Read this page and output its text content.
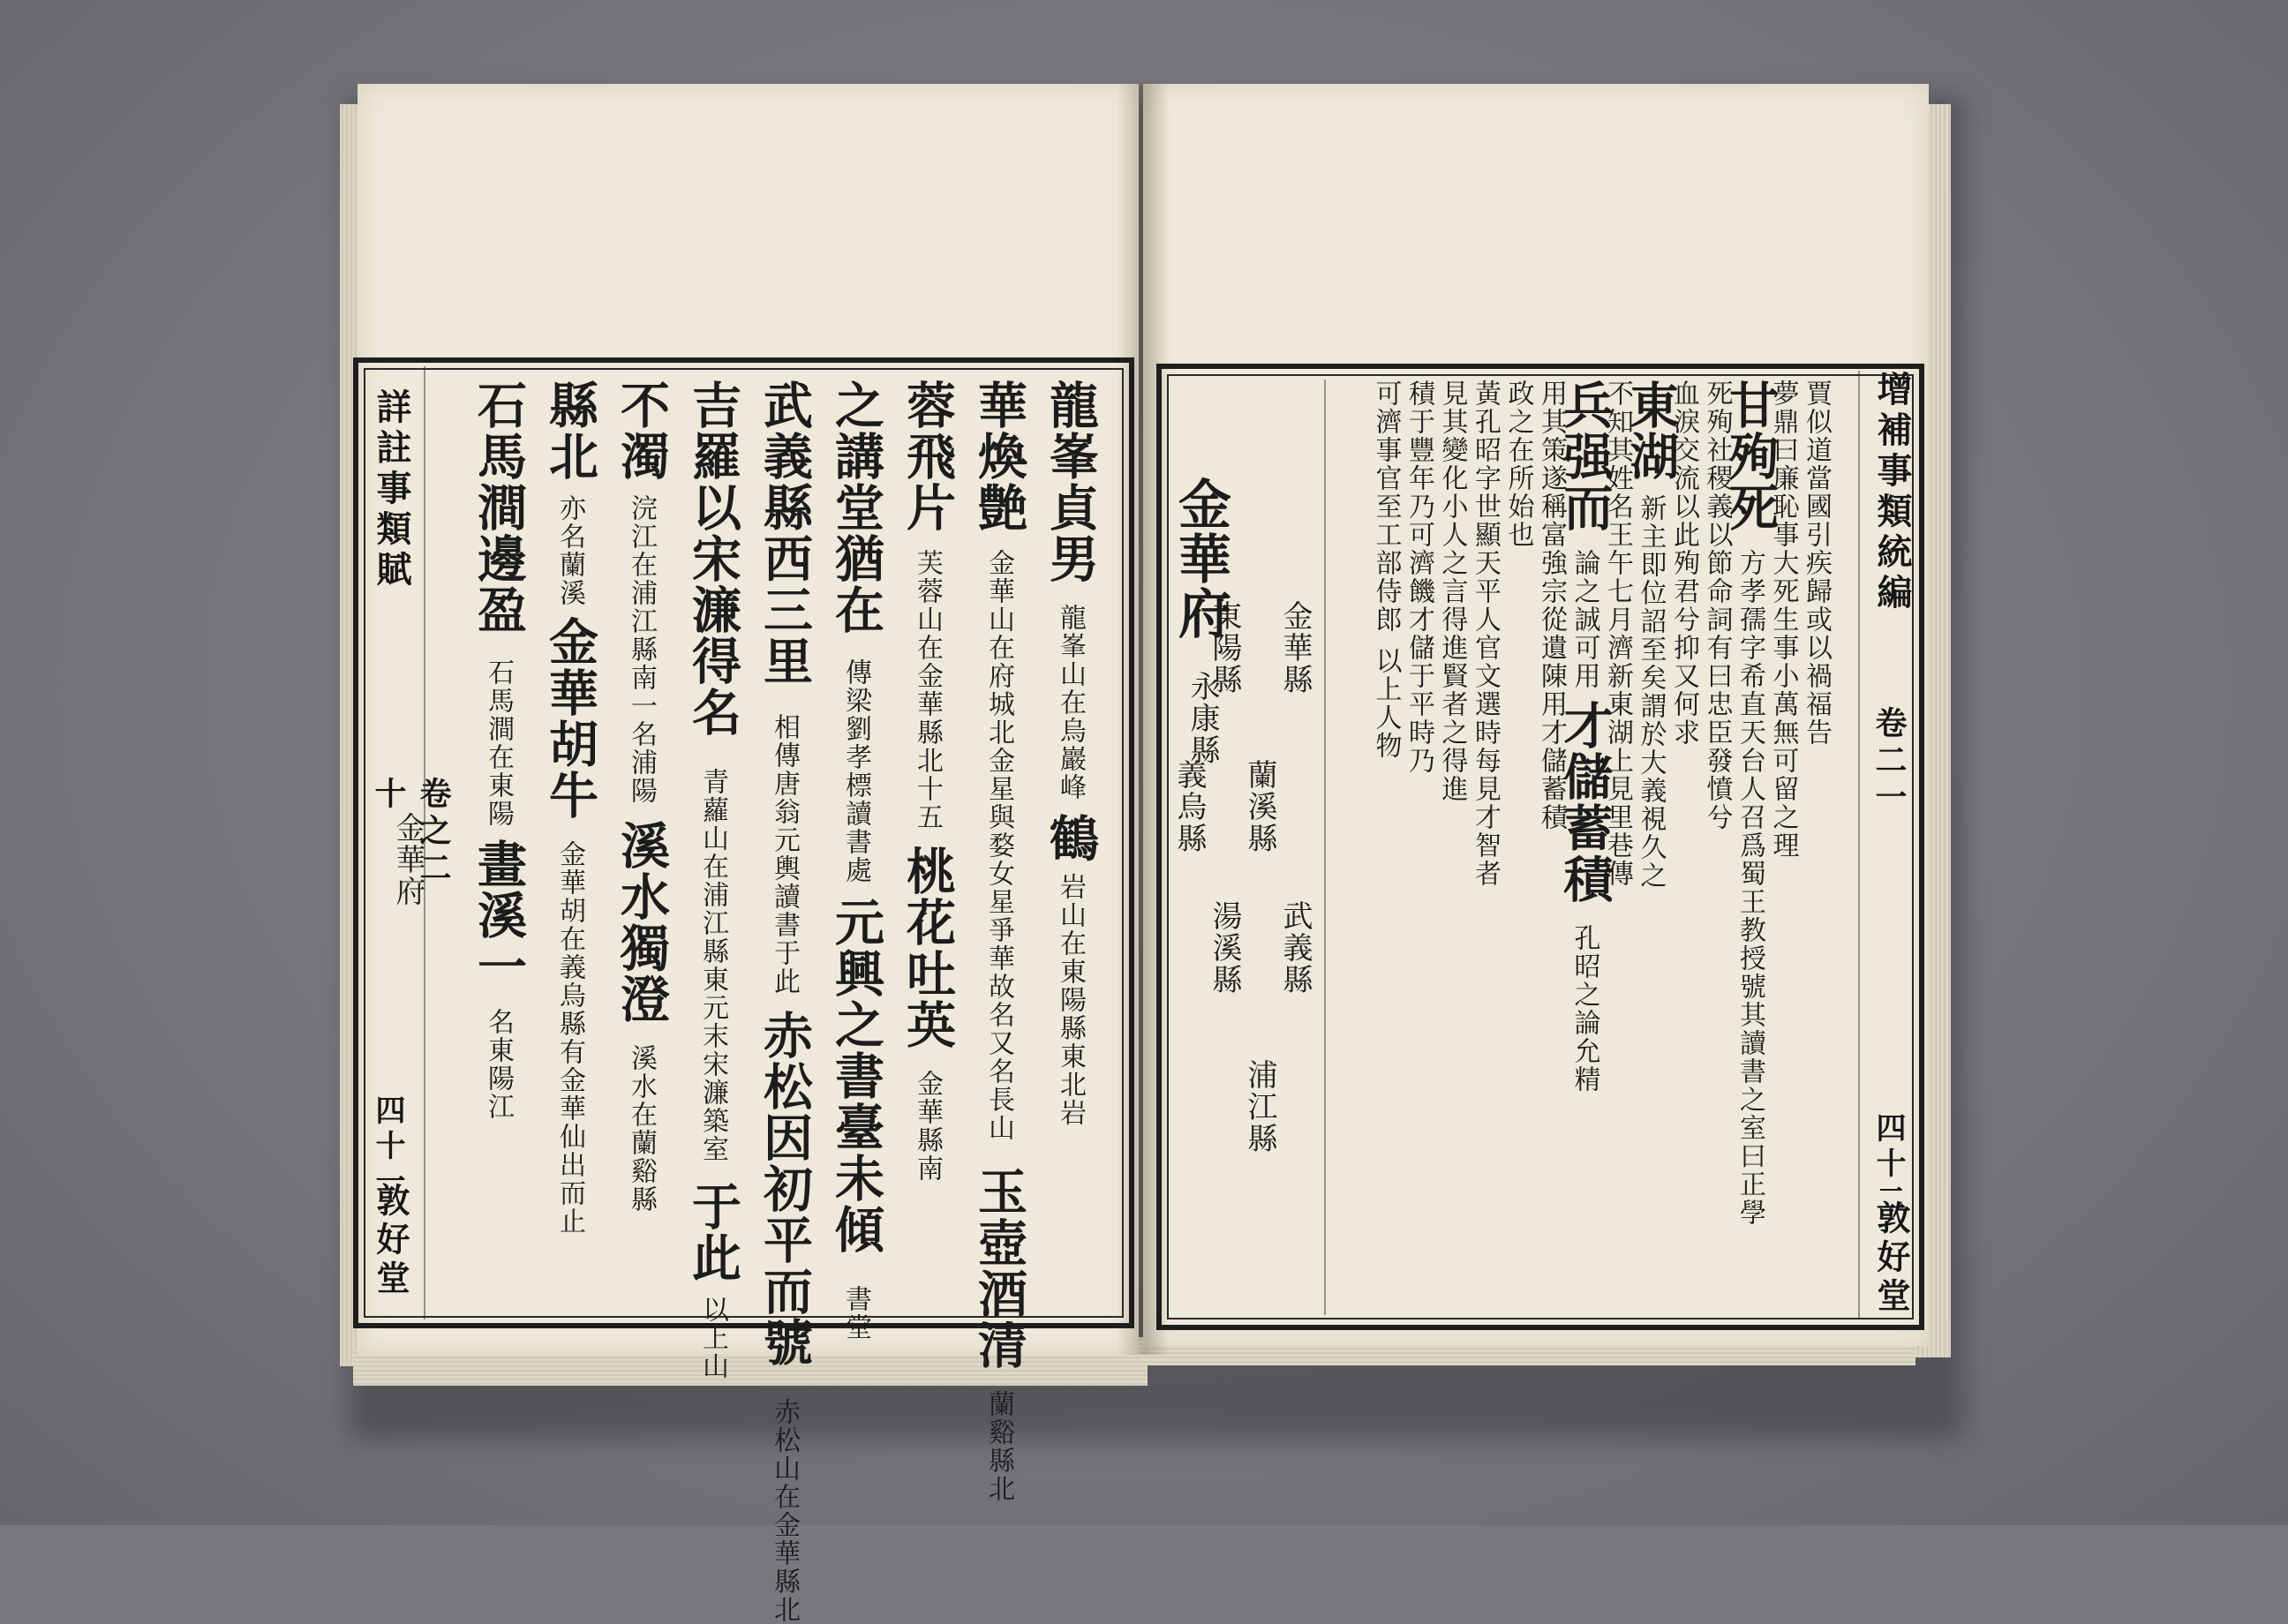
詳註事類賦
卷之二十
金華府
四十一
敦好堂
龍峯貞男
龍峯山在烏巖峰
鶴
岩山在東陽縣東北岩
華煥艶
金華山在府城北金星與婺女星爭華故名又名長山
玉壺酒清
蘭谿縣北
蓉飛片
芙蓉山在金華縣北十五
桃花吐英
金華縣南
之講堂猶在
傳梁劉孝標讀書處
元興之書臺未傾
書堂
武義縣西三里
相傳唐翁元輿讀書于此
赤松因初平而號
赤松山在金華縣北
吉羅以宋濂得名
青蘿山在浦江縣東元末宋濂築室
于此
以上山
不濁
浣江在浦江縣南一名浦陽
溪水獨澄
溪水在蘭谿縣
縣北
亦名蘭溪
金華胡牛
金華胡在義烏縣有金華仙出而止
石馬澗邊盈
石馬澗在東陽
畫溪一
名東陽江
增補事類統編
卷二一
四十二
敦好堂
賈似道當國引疾歸或以禍福告
夢鼎曰廉恥事大死生事小萬無可留之理
甘殉死
方孝孺字希直天台人召爲蜀王教授號其讀書之室曰正學
死殉社稷義以節命詞有曰忠臣發憤兮
血淚交流以此殉君兮抑又何求
東湖
新主即位詔至矣謂於大義視久之
不知其姓名王午七月濟新東湖上見里巷傳
兵强而
論之誠可用
才儲蓄積
孔昭之論允精
用其策遂稱富強宗從遺陳用才儲蓄積
政之在所始也
黃孔昭字世顯天平人官文選時每見才智者
見其變化小人之言得進賢者之得進
積于豐年乃可濟饑才儲于平時乃
可濟事官至工部侍郎
以上人物
金華府
永康縣
金華縣
蘭溪縣
東陽縣
義烏縣
武義縣
浦江縣
湯溪縣
